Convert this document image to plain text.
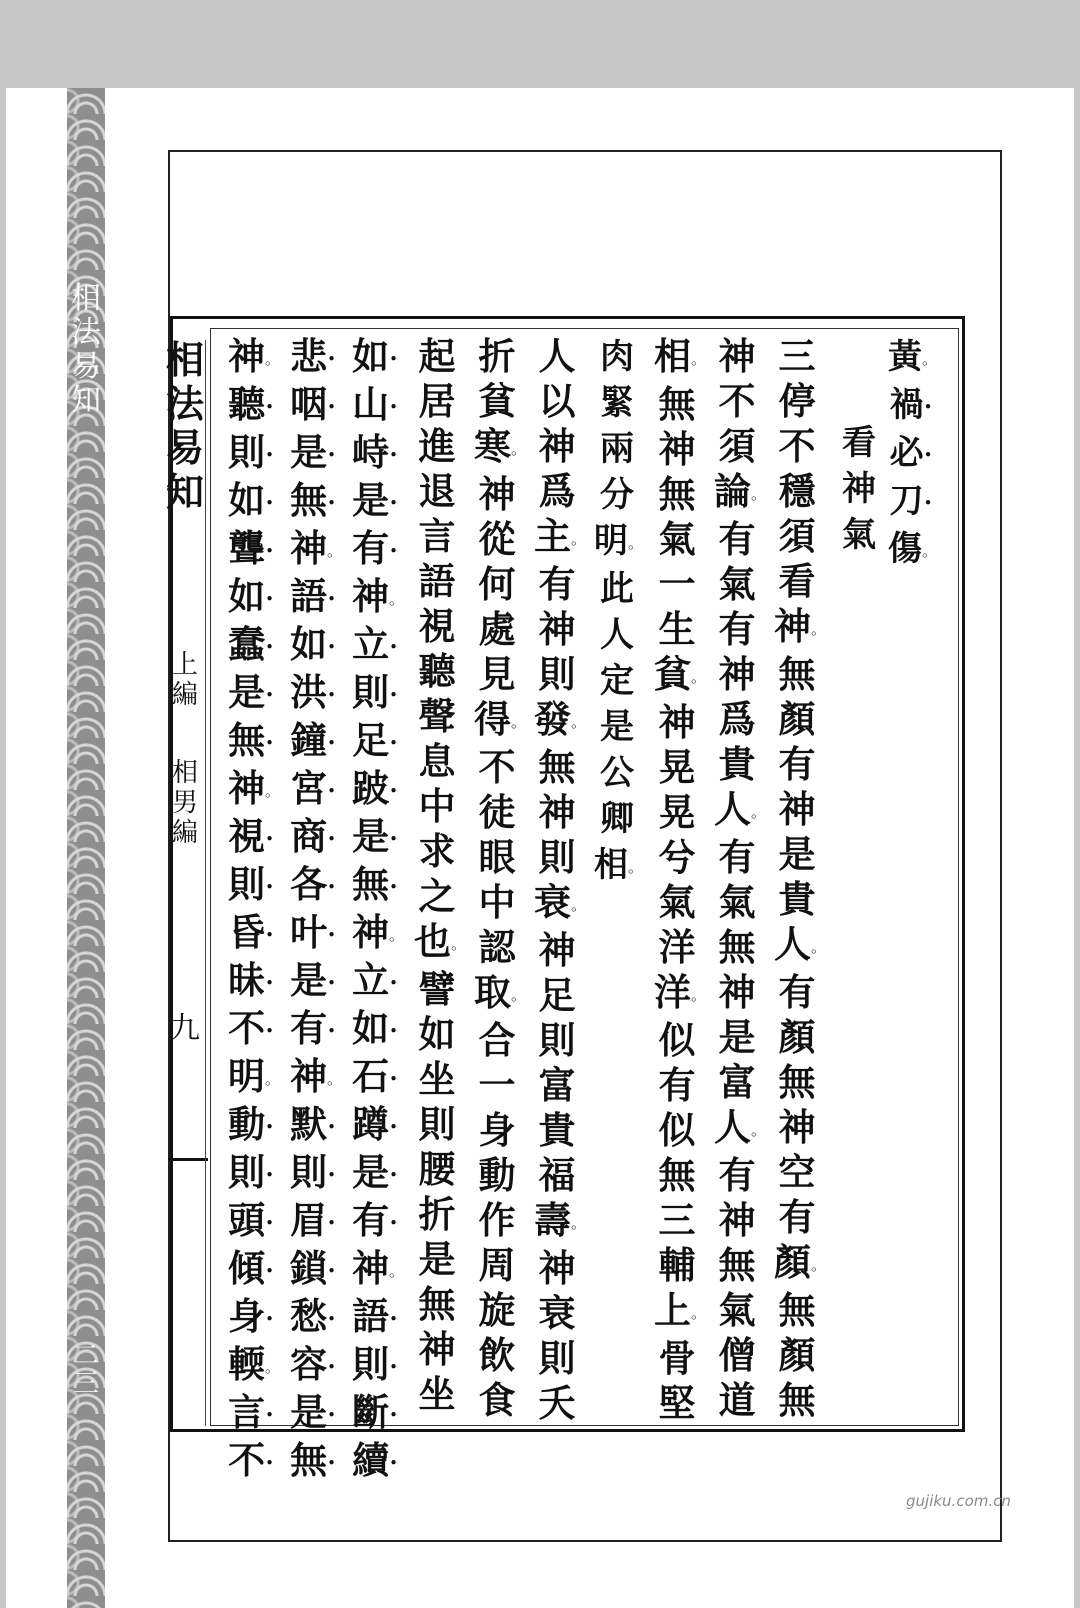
相
法
易
知
二
三
相
法
易
知
上
編
相
男
編
九
黃。
禍•
必•
刀•
傷。
看
神
氣
三
停
不
穩
須
看
神。
無
顏
有
神
是
貴
人。
有
顏
無
神
空
有
顏。
無
顏
無
神
不
須
論。
有
氣
有
神
爲
貴
人。
有
氣
無
神
是
富
人。
有
神
無
氣
僧
道
相。
無
神
無
氣
一
生
貧。
神
晃
晃
兮
氣
洋
洋。
似
有
似
無
三
輔
上。
骨
堅
肉
緊
兩
分
明。
此
人
定
是
公
卿
相。
人
以
神
爲
主。
有
神
則
發。
無
神
則
衰。
神
足
則
富
貴
福
壽。
神
衰
則
夭
折
貧
寒。
神
從
何
處
見
得。
不
徒
眼
中
認
取。
合
一
身
動
作
周
旋
飲
食
起
居
進
退
言
語
視
聽
聲
息
中
求
之
也。
譬
如
坐
則
腰
折
是
無
神
坐
如•
山•
峙•
是•
有•
神。
立•
則•
足•
跛•
是•
無•
神。
立•
如•
石•
蹲•
是•
有•
神。
語•
則•
斷•
續•
悲•
咽•
是•
無•
神。
語•
如•
洪•
鐘•
宮•
商•
各•
叶•
是•
有•
神。
默•
則•
眉•
鎖•
愁•
容•
是•
無•
神。
聽•
則•
如•
聾•
如•
蠢•
是•
無•
神。
視•
則•
昏•
昧•
不•
明。
動•
則•
頭•
傾•
身•
輭。
言•
不•
gujiku.com.cn
